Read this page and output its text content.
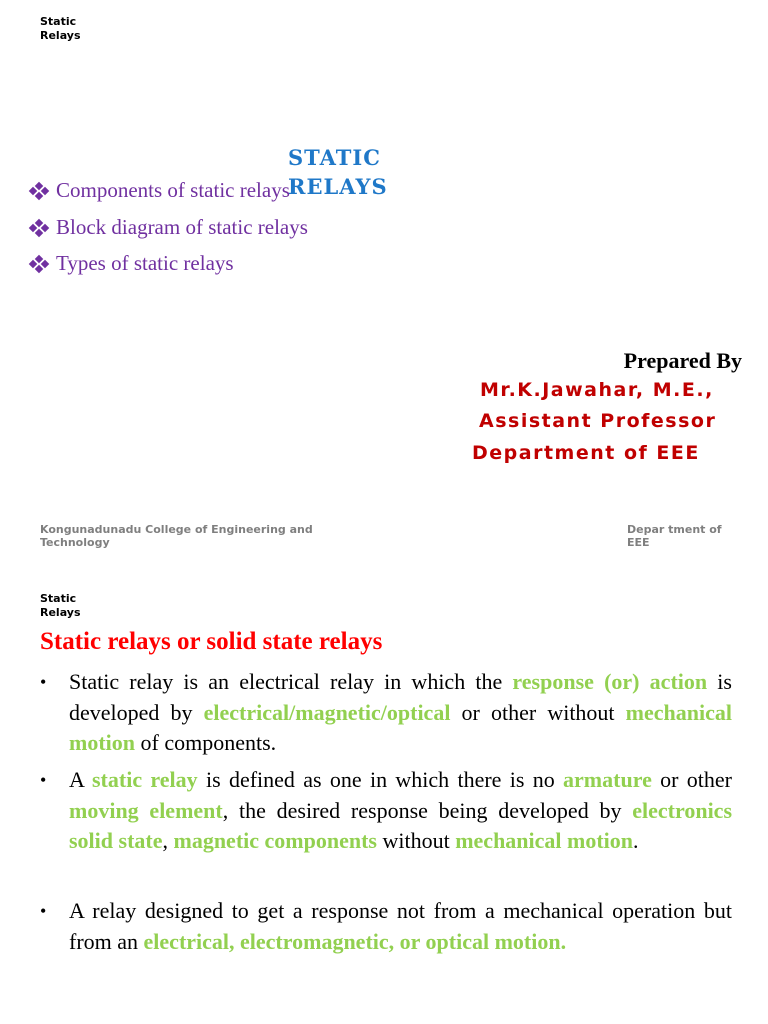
Static
Relays
STATIC
RELAYS
Components of static relays
Block diagram of static relays
Types of static relays
Prepared By
Mr.K.Jawahar, M.E.,
Assistant Professor
Department of EEE
Kongunadunadu College of Engineering and
Technology
Depar tment of
EEE
Static
Relays
Static relays or solid state relays
• Static relay is an electrical relay in which the response (or) action is developed by electrical/magnetic/optical or other without mechanical motion of components.

• A static relay is defined as one in which there is no armature or other moving element, the desired response being developed by electronics solid state, magnetic components without mechanical motion.

• A relay designed to get a response not from a mechanical operation but from an electrical, electromagnetic, or optical motion.
